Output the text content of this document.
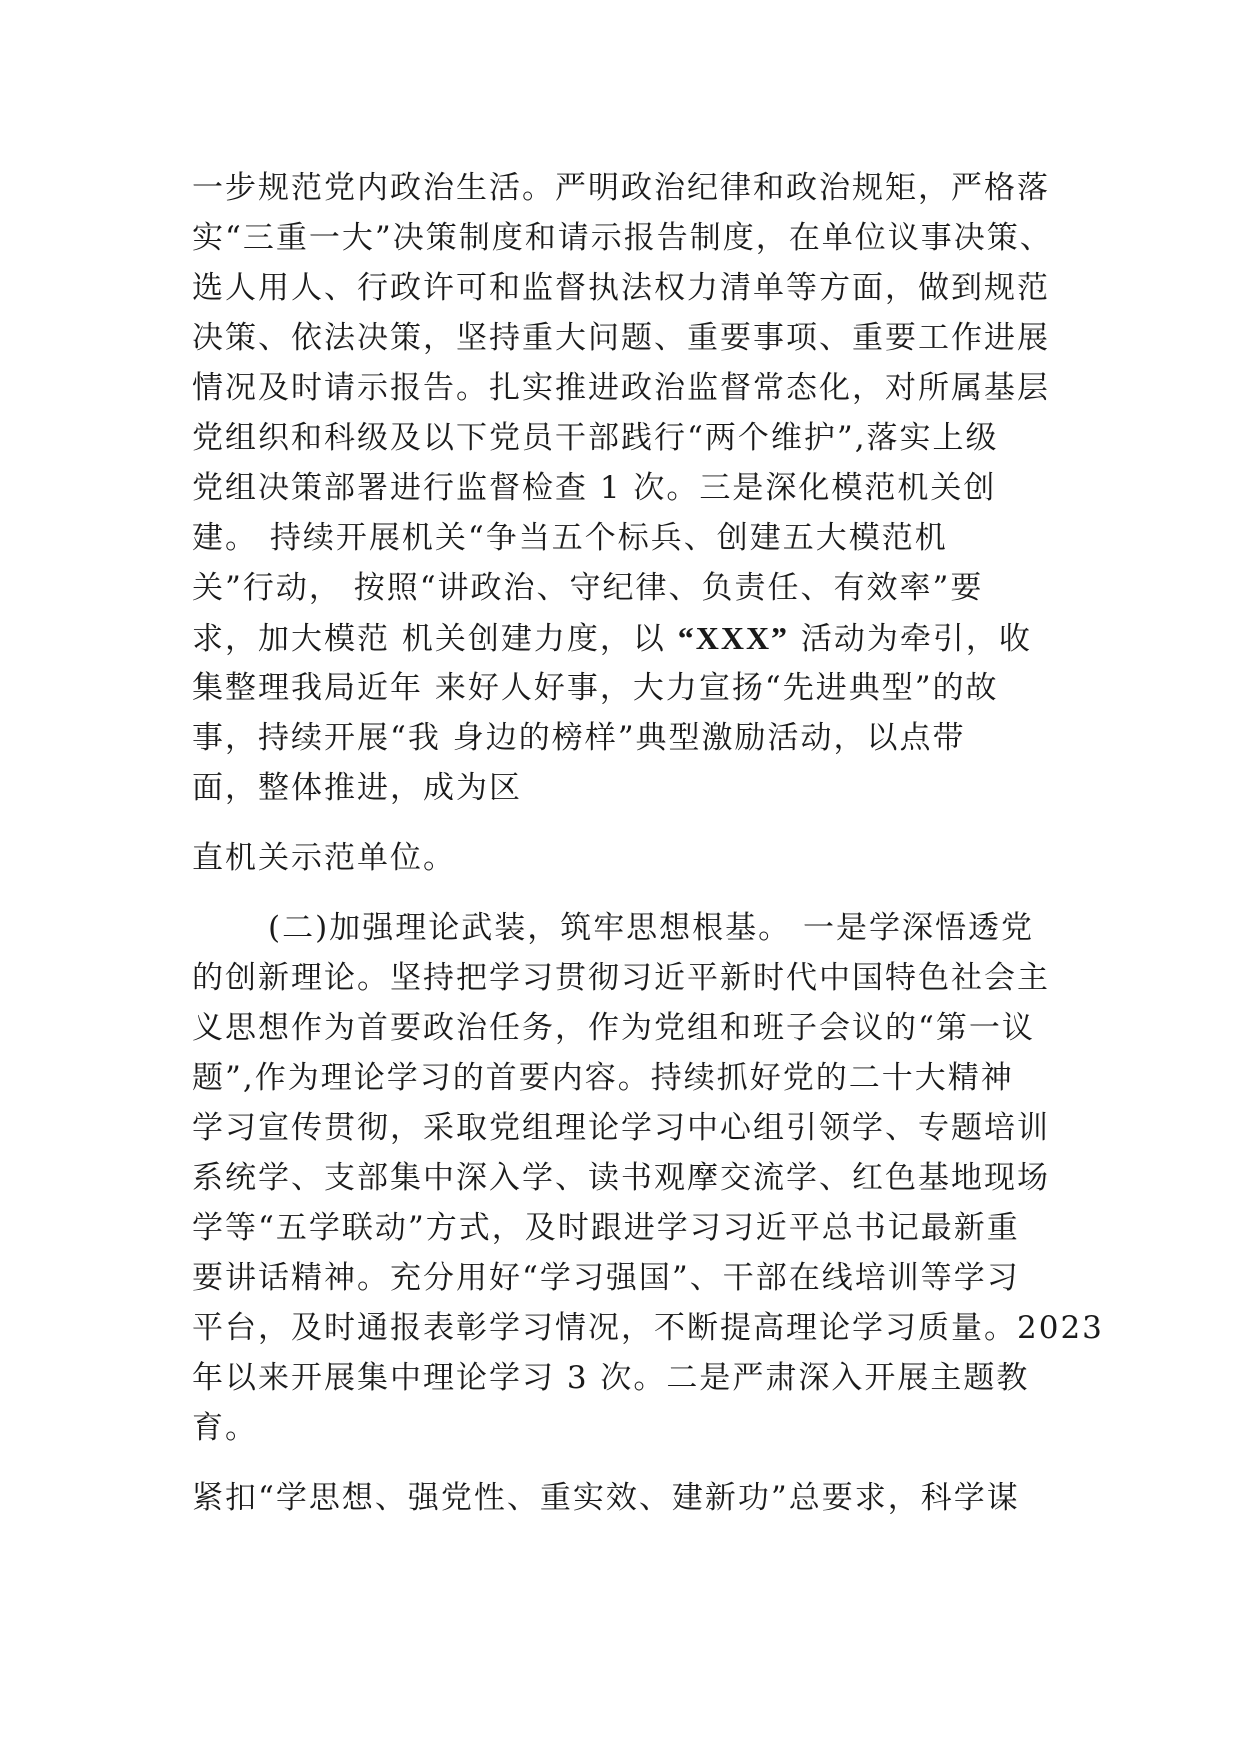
一步规范党内政治生活。严明政治纪律和政治规矩，严格落

实“三重一大”决策制度和请示报告制度，在单位议事决策、

选人用人、行政许可和监督执法权力清单等方面，做到规范

决策、依法决策，坚持重大问题、重要事项、重要工作进展

情况及时请示报告。扎实推进政治监督常态化，对所属基层

党组织和科级及以下党员干部践行“两个维护”,落实上级

党组决策部署进行监督检查 1 次。三是深化模范机关创

建。 持续开展机关“争当五个标兵、创建五大模范机

关”行动， 按照“讲政治、守纪律、负责任、有效率”要

求，加大模范 机关创建力度，以 “XXX” 活动为牵引，收

集整理我局近年 来好人好事，大力宣扬“先进典型”的故

事，持续开展“我 身边的榜样”典型激励活动，以点带

面，整体推进，成为区

直机关示范单位。

(二)加强理论武装，筑牢思想根基。 一是学深悟透党

的创新理论。坚持把学习贯彻习近平新时代中国特色社会主

义思想作为首要政治任务，作为党组和班子会议的“第一议

题”,作为理论学习的首要内容。持续抓好党的二十大精神

学习宣传贯彻，采取党组理论学习中心组引领学、专题培训

系统学、支部集中深入学、读书观摩交流学、红色基地现场

学等“五学联动”方式，及时跟进学习习近平总书记最新重

要讲话精神。充分用好“学习强国”、干部在线培训等学习

平台，及时通报表彰学习情况，不断提高理论学习质量。2023

年以来开展集中理论学习 3 次。二是严肃深入开展主题教

育。

紧扣“学思想、强党性、重实效、建新功”总要求，科学谋
